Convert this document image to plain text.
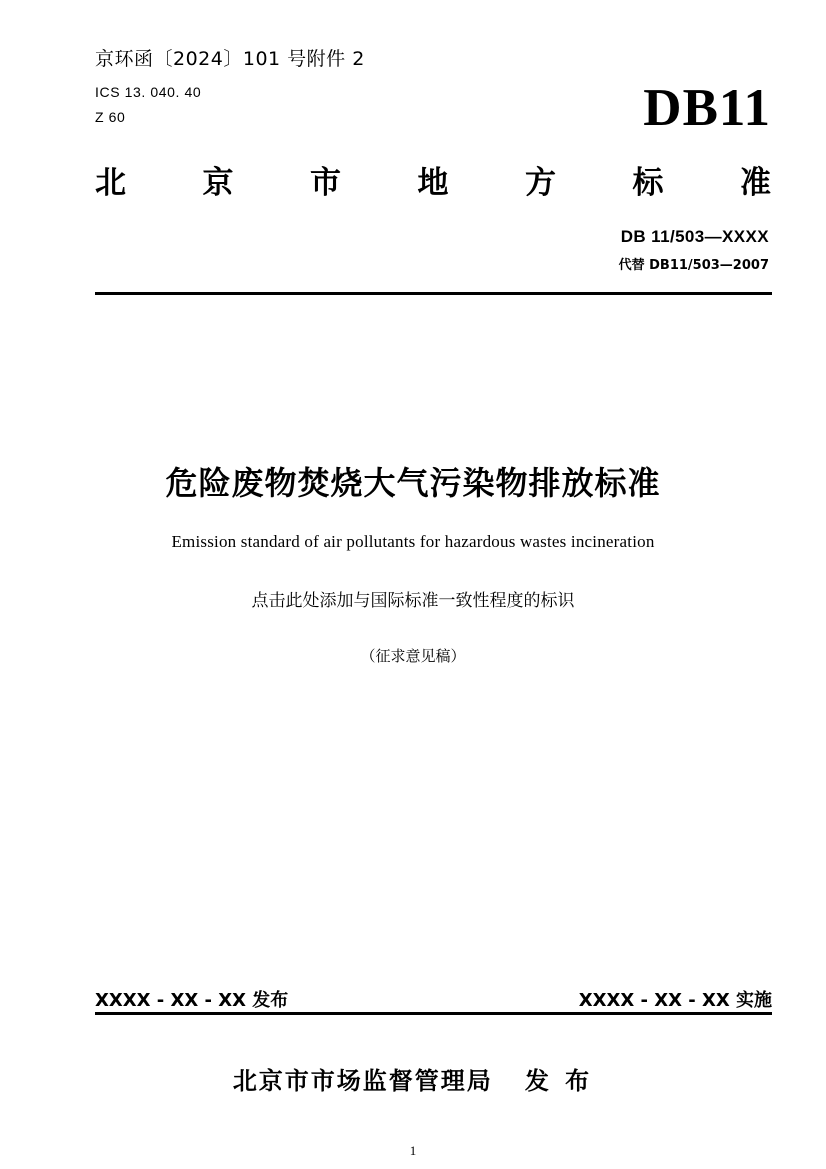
京环函〔2024〕101 号附件 2
ICS 13. 040. 40
Z 60	DB11
北 京 市 地 方 标 准
DB 11/503—XXXX
代替 DB11/503—2007
危险废物焚烧大气污染物排放标准
Emission standard of air pollutants for hazardous wastes incineration
点击此处添加与国际标准一致性程度的标识
（征求意见稿）
XXXX - XX - XX 发布	XXXX - XX - XX 实施
北京市市场监督管理局 发 布
1
